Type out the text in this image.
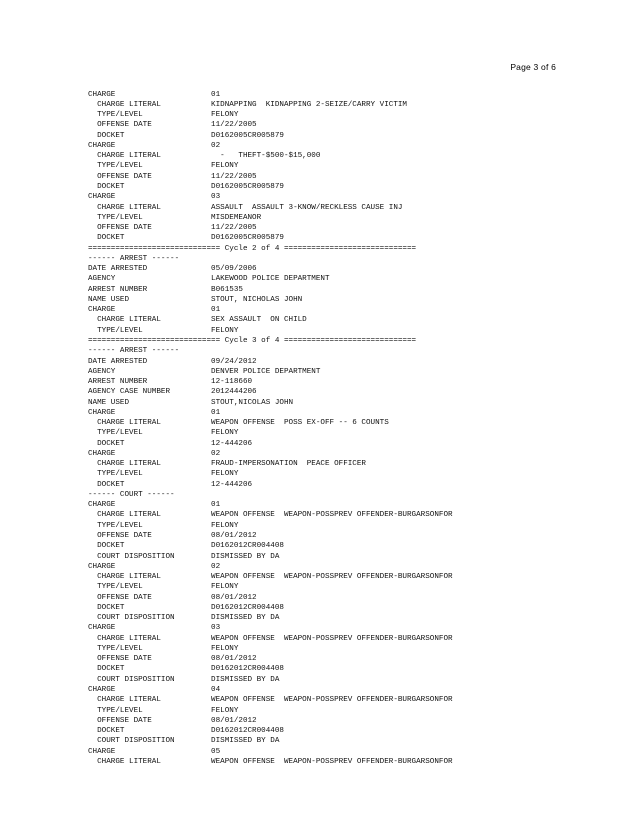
Page 3 of 6
CHARGE                     01
CHARGE LITERAL           KIDNAPPING  KIDNAPPING 2-SEIZE/CARRY VICTIM
TYPE/LEVEL               FELONY
OFFENSE DATE             11/22/2005
DOCKET                   D0162005CR005879
CHARGE                     02
CHARGE LITERAL             -   THEFT-$500-$15,000
TYPE/LEVEL               FELONY
OFFENSE DATE             11/22/2005
DOCKET                   D0162005CR005879
CHARGE                     03
CHARGE LITERAL           ASSAULT  ASSAULT 3-KNOW/RECKLESS CAUSE INJ
TYPE/LEVEL               MISDEMEANOR
OFFENSE DATE             11/22/2005
DOCKET                   D0162005CR005879
============================= Cycle 2 of 4 =============================
------ ARREST ------
DATE ARRESTED              05/09/2006
AGENCY                     LAKEWOOD POLICE DEPARTMENT
ARREST NUMBER              B061535
NAME USED                  STOUT, NICHOLAS JOHN
CHARGE                     01
CHARGE LITERAL           SEX ASSAULT  ON CHILD
TYPE/LEVEL               FELONY
============================= Cycle 3 of 4 =============================
------ ARREST ------
DATE ARRESTED              09/24/2012
AGENCY                     DENVER POLICE DEPARTMENT
ARREST NUMBER              12-118660
AGENCY CASE NUMBER         2012444206
NAME USED                  STOUT,NICOLAS JOHN
CHARGE                     01
CHARGE LITERAL           WEAPON OFFENSE  POSS EX-OFF -- 6 COUNTS
TYPE/LEVEL               FELONY
DOCKET                   12-444206
CHARGE                     02
CHARGE LITERAL           FRAUD-IMPERSONATION  PEACE OFFICER
TYPE/LEVEL               FELONY
DOCKET                   12-444206
------ COURT ------
CHARGE                     01
CHARGE LITERAL           WEAPON OFFENSE  WEAPON-POSSPREV OFFENDER-BURGARSONFOR
TYPE/LEVEL               FELONY
OFFENSE DATE             08/01/2012
DOCKET                   D0162012CR004408
COURT DISPOSITION        DISMISSED BY DA
CHARGE                     02
CHARGE LITERAL           WEAPON OFFENSE  WEAPON-POSSPREV OFFENDER-BURGARSONFOR
TYPE/LEVEL               FELONY
OFFENSE DATE             08/01/2012
DOCKET                   D0162012CR004408
COURT DISPOSITION        DISMISSED BY DA
CHARGE                     03
CHARGE LITERAL           WEAPON OFFENSE  WEAPON-POSSPREV OFFENDER-BURGARSONFOR
TYPE/LEVEL               FELONY
OFFENSE DATE             08/01/2012
DOCKET                   D0162012CR004408
COURT DISPOSITION        DISMISSED BY DA
CHARGE                     04
CHARGE LITERAL           WEAPON OFFENSE  WEAPON-POSSPREV OFFENDER-BURGARSONFOR
TYPE/LEVEL               FELONY
OFFENSE DATE             08/01/2012
DOCKET                   D0162012CR004408
COURT DISPOSITION        DISMISSED BY DA
CHARGE                     05
CHARGE LITERAL           WEAPON OFFENSE  WEAPON-POSSPREV OFFENDER-BURGARSONFOR
